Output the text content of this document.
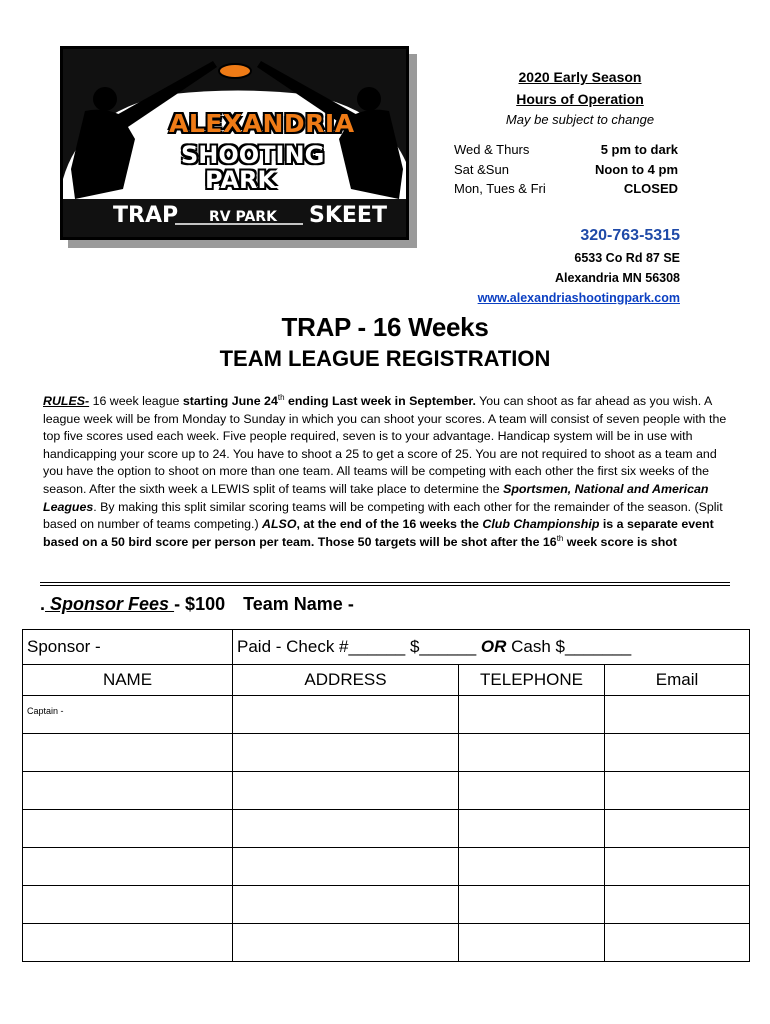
ALEXANDRIA
SHOOTING
PARK
TRAP RV PARK SKEET
2020 Early Season
Hours of Operation
May be subject to change
Wed & Thurs	5 pm to dark
Sat &Sun	Noon to 4 pm
Mon, Tues & Fri	CLOSED
320-763-5315
6533 Co Rd 87 SE
Alexandria MN 56308
www.alexandriashootingpark.com
TRAP - 16 Weeks
TEAM LEAGUE REGISTRATION
RULES- 16 week league starting June 24th ending Last week in September. You can shoot as far ahead as you wish. A league week will be from Monday to Sunday in which you can shoot your scores. A team will consist of seven people with the top five scores used each week. Five people required, seven is to your advantage. Handicap system will be in use with handicapping your score up to 24. You have to shoot a 25 to get a score of 25. You are not required to shoot as a team and you have the option to shoot on more than one team. All teams will be competing with each other the first six weeks of the season. After the sixth week a LEWIS split of teams will take place to determine the Sportsmen, National and American Leagues. By making this split similar scoring teams will be competing with each other for the remainder of the season. (Split based on number of teams competing.) ALSO, at the end of the 16 weeks the Club Championship is a separate event based on a 50 bird score per person per team. Those 50 targets will be shot after the 16th week score is shot
. Sponsor Fees - $100 Team Name -
Sponsor -	Paid - Check #______ $______ OR Cash $_______		
NAME	ADDRESS	TELEPHONE	Email
Captain -			
